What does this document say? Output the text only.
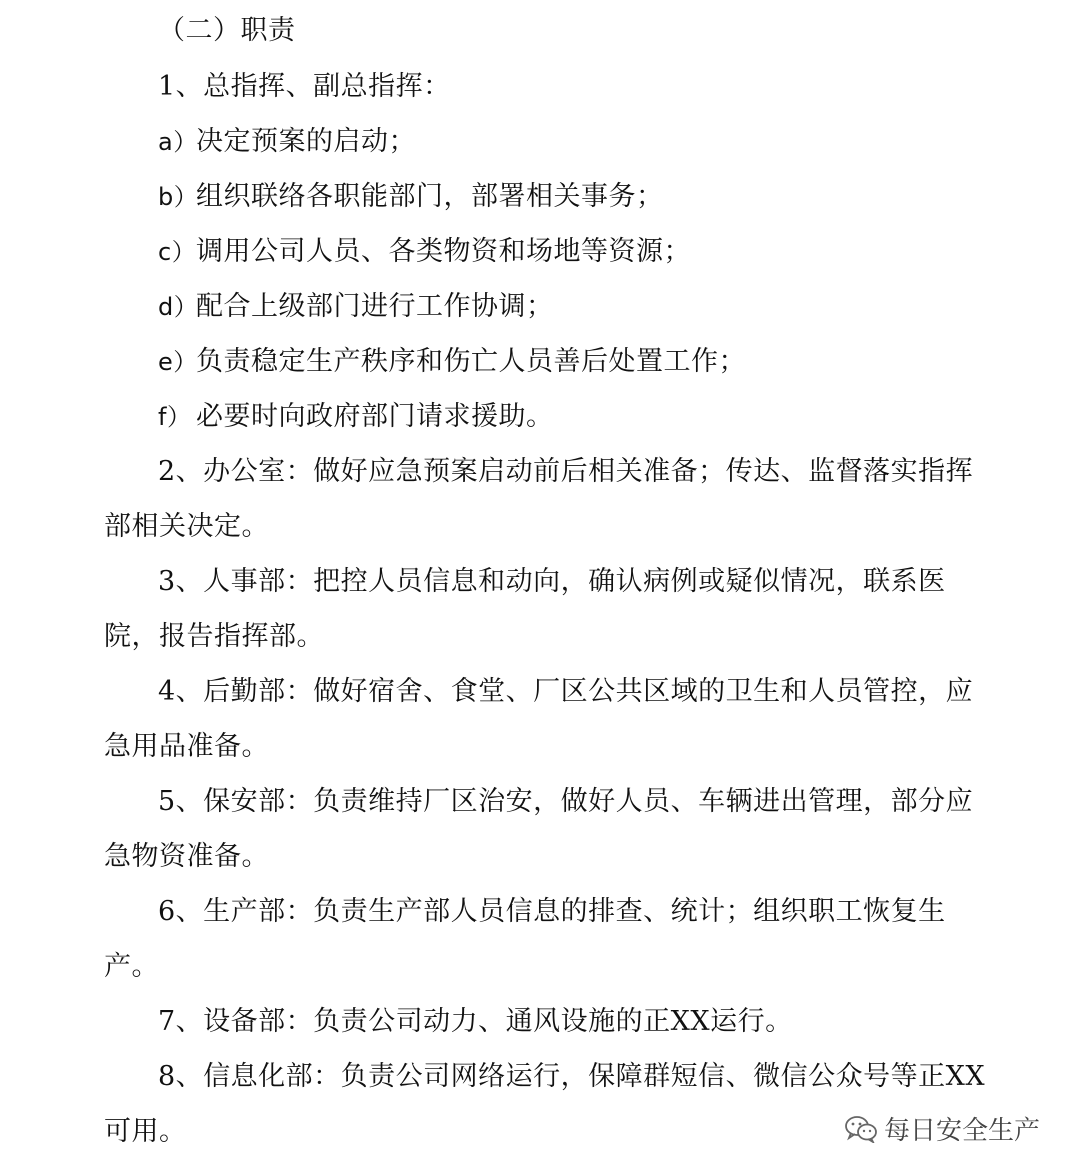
（二）职责
1、总指挥、副总指挥：
a）决定预案的启动；
b）组织联络各职能部门，部署相关事务；
c）调用公司人员、各类物资和场地等资源；
d）配合上级部门进行工作协调；
e）负责稳定生产秩序和伤亡人员善后处置工作；
f） 必要时向政府部门请求援助。
2、办公室：做好应急预案启动前后相关准备；传达、监督落实指挥
部相关决定。
3、人事部：把控人员信息和动向，确认病例或疑似情况，联系医
院，报告指挥部。
4、后勤部：做好宿舍、食堂、厂区公共区域的卫生和人员管控，应
急用品准备。
5、保安部：负责维持厂区治安，做好人员、车辆进出管理，部分应
急物资准备。
6、生产部：负责生产部人员信息的排查、统计；组织职工恢复生
产。
7、设备部：负责公司动力、通风设施的正XX运行。
8、信息化部：负责公司网络运行，保障群短信、微信公众号等正XX
可用。	每日安全生产
